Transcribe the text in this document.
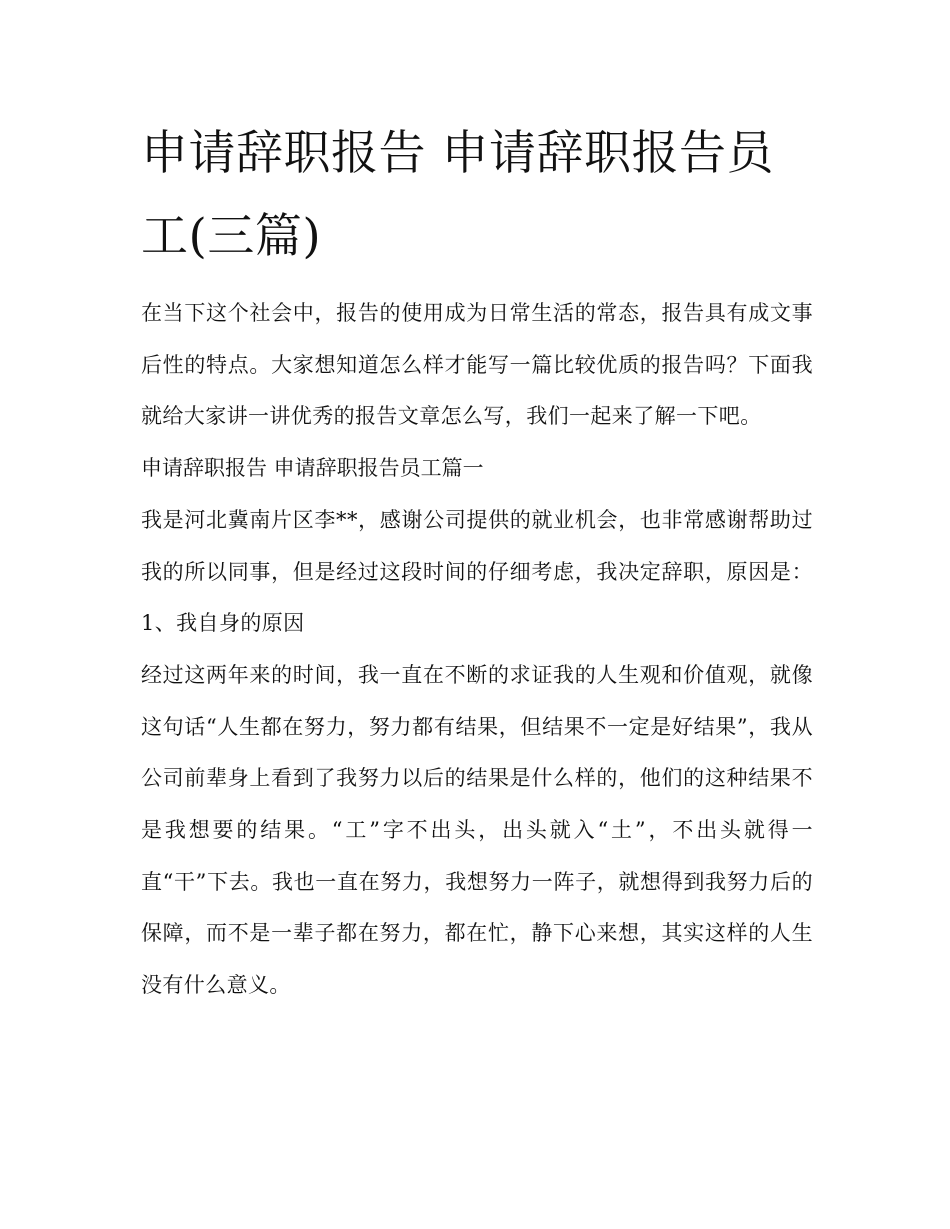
申请辞职报告 申请辞职报告员工(三篇)

在当下这个社会中，报告的使用成为日常生活的常态，报告具有成文事后性的特点。大家想知道怎么样才能写一篇比较优质的报告吗？下面我就给大家讲一讲优秀的报告文章怎么写，我们一起来了解一下吧。

申请辞职报告 申请辞职报告员工篇一

我是河北冀南片区李**，感谢公司提供的就业机会，也非常感谢帮助过我的所以同事，但是经过这段时间的仔细考虑，我决定辞职，原因是： 1、我自身的原因

经过这两年来的时间，我一直在不断的求证我的人生观和价值观，就像这句话“人生都在努力，努力都有结果，但结果不一定是好结果”，我从公司前辈身上看到了我努力以后的结果是什么样的，他们的这种结果不是我想要的结果。“工”字不出头，出头就入“土”，不出头就得一直“干”下去。我也一直在努力，我想努力一阵子，就想得到我努力后的保障，而不是一辈子都在努力，都在忙，静下心来想，其实这样的人生没有什么意义。
